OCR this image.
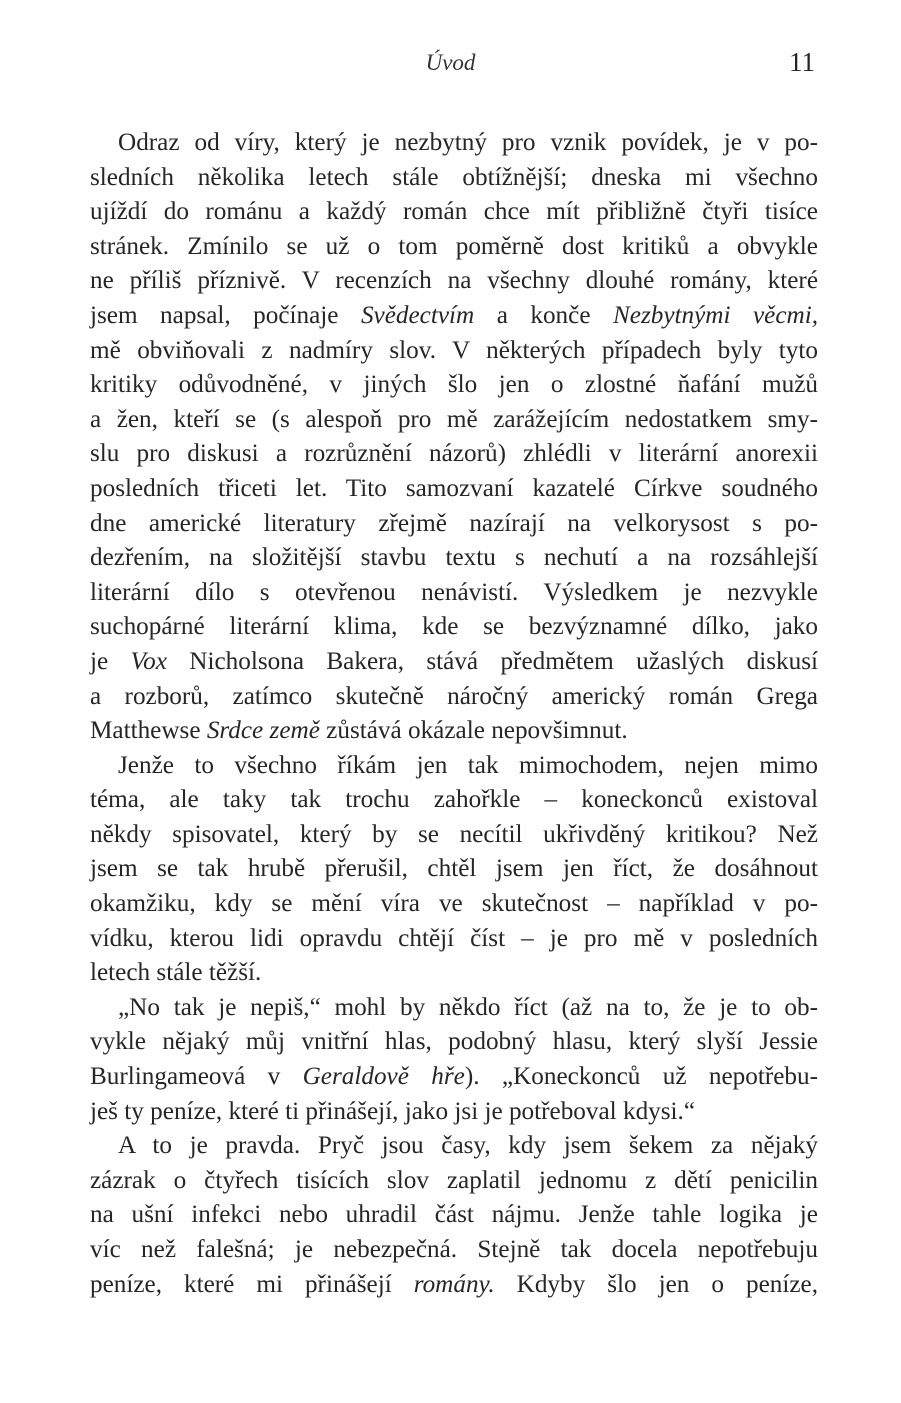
Úvod	11
Odraz od víry, který je nezbytný pro vznik povídek, je v po-
sledních několika letech stále obtížnější; dneska mi všechno
ujíždí do románu a každý román chce mít přibližně čtyři tisíce
stránek. Zmínilo se už o tom poměrně dost kritiků a obvykle
ne příliš příznivě. V recenzích na všechny dlouhé romány, které
jsem napsal, počínaje Svědectvím a konče Nezbytnými věcmi,
mě obviňovali z nadmíry slov. V některých případech byly tyto
kritiky odůvodněné, v jiných šlo jen o zlostné ňafání mužů
a žen, kteří se (s alespoň pro mě zarážejícím nedostatkem smy-
slu pro diskusi a rozrůznění názorů) zhlédli v literární anorexii
posledních třiceti let. Tito samozvaní kazatelé Církve soudného
dne americké literatury zřejmě nazírají na velkorysost s po-
dezřením, na složitější stavbu textu s nechutí a na rozsáhlejší
literární dílo s otevřenou nenávistí. Výsledkem je nezvykle
suchopárné literární klima, kde se bezvýznamné dílko, jako
je Vox Nicholsona Bakera, stává předmětem užaslých diskusí
a rozborů, zatímco skutečně náročný americký román Grega
Matthewse Srdce země zůstává okázale nepovšimnut.
Jenže to všechno říkám jen tak mimochodem, nejen mimo
téma, ale taky tak trochu zahořkle – koneckonců existoval
někdy spisovatel, který by se necítil ukřivděný kritikou? Než
jsem se tak hrubě přerušil, chtěl jsem jen říct, že dosáhnout
okamžiku, kdy se mění víra ve skutečnost – například v po-
vídku, kterou lidi opravdu chtějí číst – je pro mě v posledních
letech stále těžší.
„No tak je nepiš,“ mohl by někdo říct (až na to, že je to ob-
vykle nějaký můj vnitřní hlas, podobný hlasu, který slyší Jessie
Burlingameová v Geraldově hře). „Koneckonců už nepotřebu-
ješ ty peníze, které ti přinášejí, jako jsi je potřeboval kdysi.“
A to je pravda. Pryč jsou časy, kdy jsem šekem za nějaký
zázrak o čtyřech tisících slov zaplatil jednomu z dětí penicilin
na ušní infekci nebo uhradil část nájmu. Jenže tahle logika je
víc než falešná; je nebezpečná. Stejně tak docela nepotřebuju
peníze, které mi přinášejí romány. Kdyby šlo jen o peníze,
